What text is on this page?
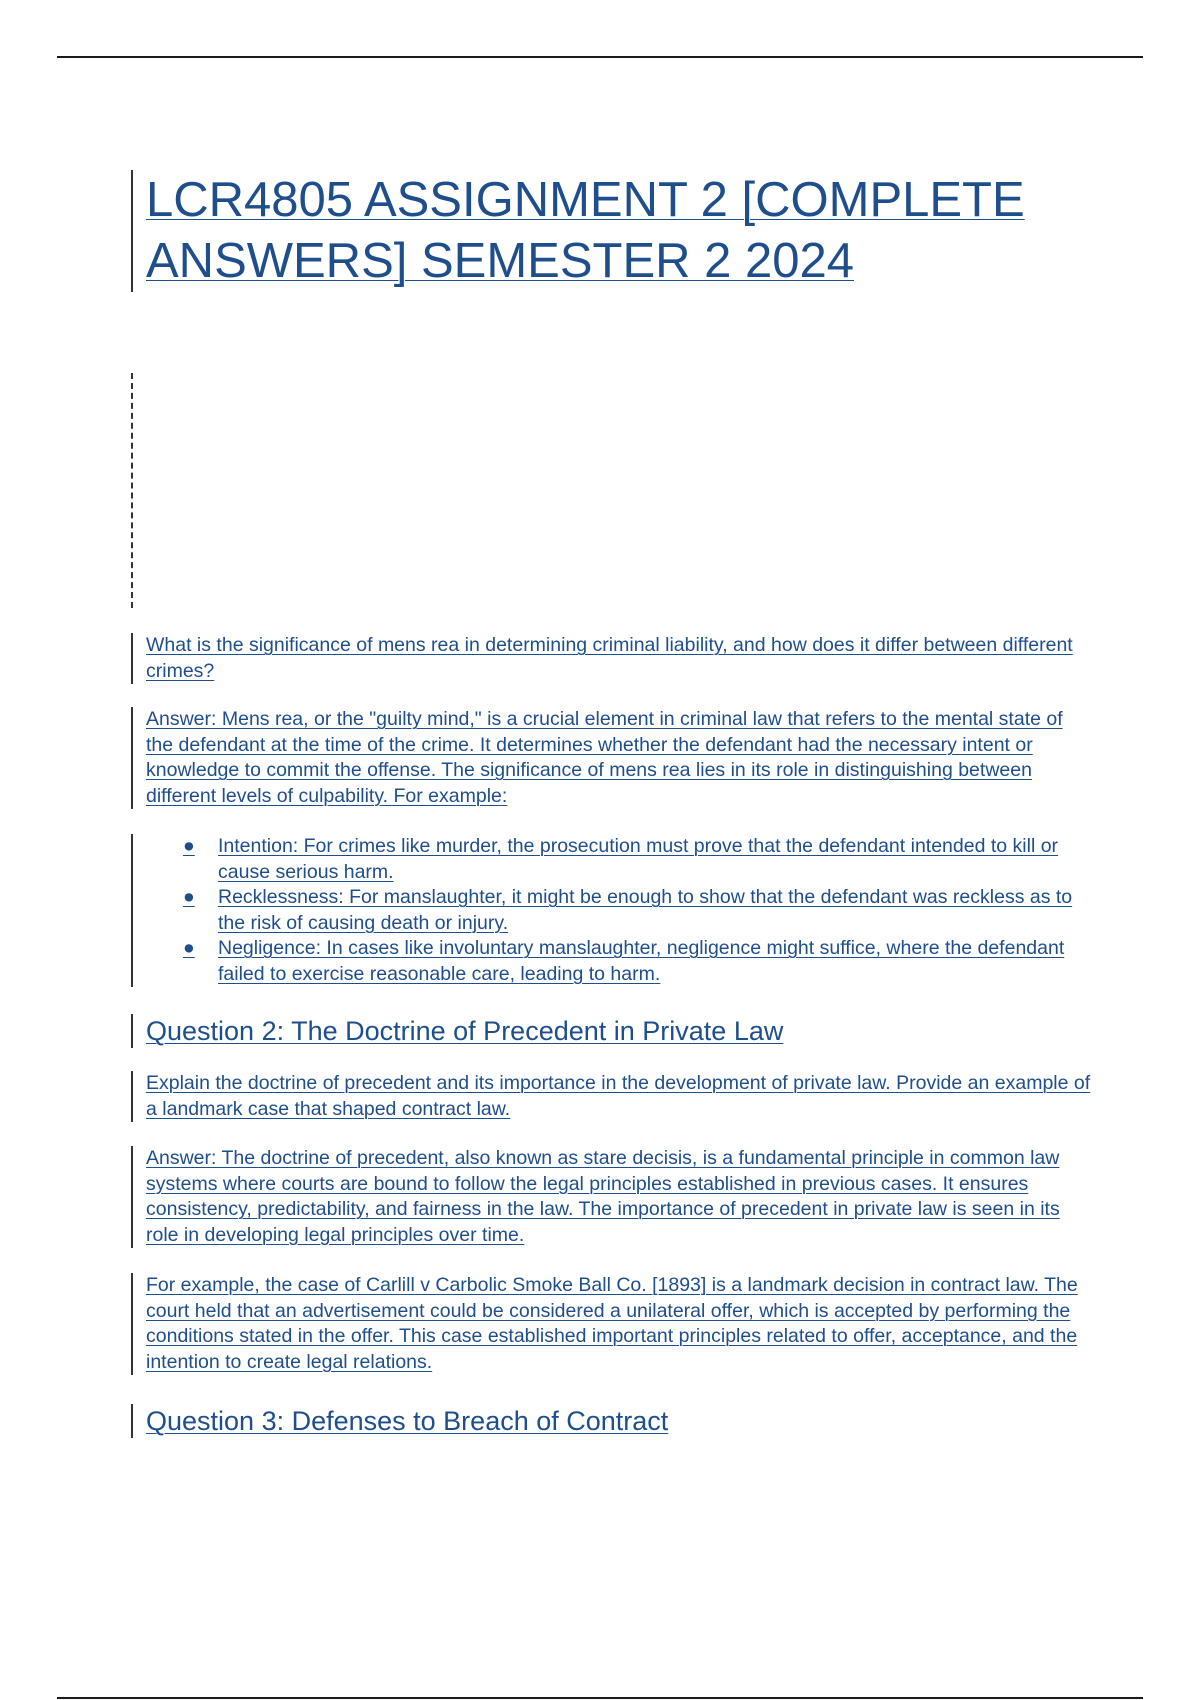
LCR4805 ASSIGNMENT 2 [COMPLETE ANSWERS] SEMESTER 2 2024
What is the significance of mens rea in determining criminal liability, and how does it differ between different crimes?
Answer: Mens rea, or the "guilty mind," is a crucial element in criminal law that refers to the mental state of the defendant at the time of the crime. It determines whether the defendant had the necessary intent or knowledge to commit the offense. The significance of mens rea lies in its role in distinguishing between different levels of culpability. For example:
●	Intention: For crimes like murder, the prosecution must prove that the defendant intended to kill or cause serious harm.
●	Recklessness: For manslaughter, it might be enough to show that the defendant was reckless as to the risk of causing death or injury.
●	Negligence: In cases like involuntary manslaughter, negligence might suffice, where the defendant failed to exercise reasonable care, leading to harm.
Question 2: The Doctrine of Precedent in Private Law
Explain the doctrine of precedent and its importance in the development of private law. Provide an example of a landmark case that shaped contract law.
Answer: The doctrine of precedent, also known as stare decisis, is a fundamental principle in common law systems where courts are bound to follow the legal principles established in previous cases. It ensures consistency, predictability, and fairness in the law. The importance of precedent in private law is seen in its role in developing legal principles over time.
For example, the case of Carlill v Carbolic Smoke Ball Co. [1893] is a landmark decision in contract law. The court held that an advertisement could be considered a unilateral offer, which is accepted by performing the conditions stated in the offer. This case established important principles related to offer, acceptance, and the intention to create legal relations.
Question 3: Defenses to Breach of Contract
